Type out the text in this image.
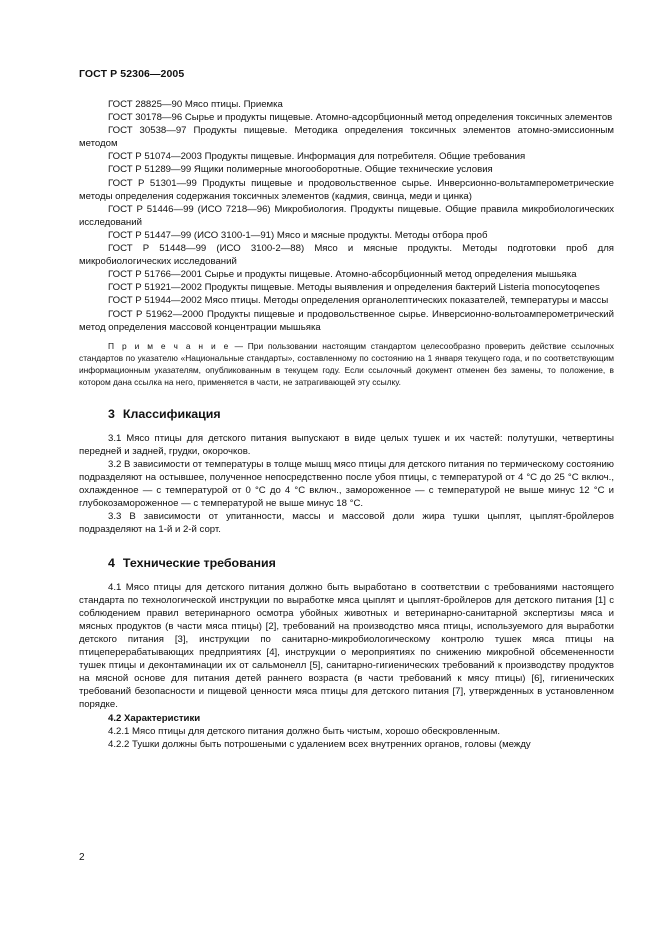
ГОСТ Р 52306—2005

ГОСТ 28825—90 Мясо птицы. Приемка

ГОСТ 30178—96 Сырье и продукты пищевые. Атомно-адсорбционный метод определения токсичных элементов

ГОСТ 30538—97 Продукты пищевые. Методика определения токсичных элементов атомно-эмиссионным методом

ГОСТ Р 51074—2003 Продукты пищевые. Информация для потребителя. Общие требования

ГОСТ Р 51289—99 Ящики полимерные многооборотные. Общие технические условия

ГОСТ Р 51301—99 Продукты пищевые и продовольственное сырье. Инверсионно-вольтамперометрические методы определения содержания токсичных элементов (кадмия, свинца, меди и цинка)

ГОСТ Р 51446—99 (ИСО 7218—96) Микробиология. Продукты пищевые. Общие правила микробиологических исследований

ГОСТ Р 51447—99 (ИСО 3100-1—91) Мясо и мясные продукты. Методы отбора проб

ГОСТ Р 51448—99 (ИСО 3100-2—88) Мясо и мясные продукты. Методы подготовки проб для микробиологических исследований

ГОСТ Р 51766—2001 Сырье и продукты пищевые. Атомно-абсорбционный метод определения мышьяка

ГОСТ Р 51921—2002 Продукты пищевые. Методы выявления и определения бактерий Listeria monocytoqenes

ГОСТ Р 51944—2002 Мясо птицы. Методы определения органолептических показателей, температуры и массы

ГОСТ Р 51962—2000 Продукты пищевые и продовольственное сырье. Инверсионно-вольтоамперометрический метод определения массовой концентрации мышьяка

П р и м е ч а н и е — При пользовании настоящим стандартом целесообразно проверить действие ссылочных стандартов по указателю «Национальные стандарты», составленному по состоянию на 1 января текущего года, и по соответствующим информационным указателям, опубликованным в текущем году. Если ссылочный документ отменен без замены, то положение, в котором дана ссылка на него, применяется в части, не затрагивающей эту ссылку.

3 Классификация

3.1 Мясо птицы для детского питания выпускают в виде целых тушек и их частей: полутушки, четвертины передней и задней, грудки, окорочков.

3.2 В зависимости от температуры в толще мышц мясо птицы для детского питания по термическому состоянию подразделяют на остывшее, полученное непосредственно после убоя птицы, с температурой от 4 °С до 25 °С включ., охлажденное — с температурой от 0 °С до 4 °С включ., замороженное — с температурой не выше минус 12 °С и глубокозамороженное — с температурой не выше минус 18 °С.

3.3 В зависимости от упитанности, массы и массовой доли жира тушки цыплят, цыплят-бройлеров подразделяют на 1-й и 2-й сорт.

4 Технические требования

4.1 Мясо птицы для детского питания должно быть выработано в соответствии с требованиями настоящего стандарта по технологической инструкции по выработке мяса цыплят и цыплят-бройлеров для детского питания [1] с соблюдением правил ветеринарного осмотра убойных животных и ветеринарно-санитарной экспертизы мяса и мясных продуктов (в части мяса птицы) [2], требований на производство мяса птицы, используемого для выработки детского питания [3], инструкции по санитарно-микробиологическому контролю тушек мяса птицы на птицеперерабатывающих предприятиях [4], инструкции о мероприятиях по снижению микробной обсемененности тушек птицы и деконтаминации их от сальмонелл [5], санитарно-гигиенических требований к производству продуктов на мясной основе для питания детей раннего возраста (в части требований к мясу птицы) [6], гигиенических требований безопасности и пищевой ценности мяса птицы для детского питания [7], утвержденных в установленном порядке.

4.2 Характеристики

4.2.1 Мясо птицы для детского питания должно быть чистым, хорошо обескровленным.

4.2.2 Тушки должны быть потрошеными с удалением всех внутренних органов, головы (между

2
